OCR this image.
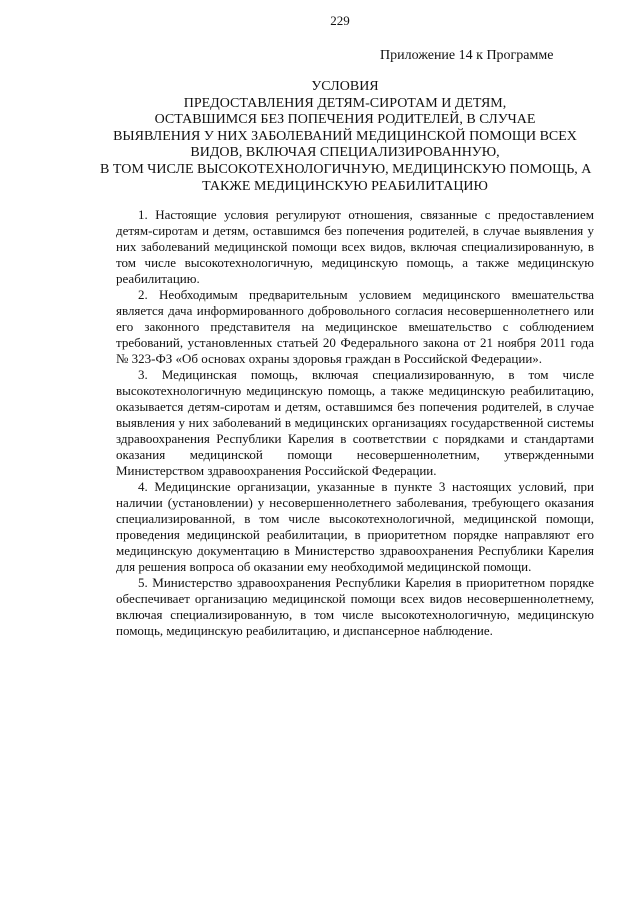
229
Приложение 14 к Программе
УСЛОВИЯ
ПРЕДОСТАВЛЕНИЯ ДЕТЯМ-СИРОТАМ И ДЕТЯМ,
ОСТАВШИМСЯ БЕЗ ПОПЕЧЕНИЯ РОДИТЕЛЕЙ, В СЛУЧАЕ
ВЫЯВЛЕНИЯ У НИХ ЗАБОЛЕВАНИЙ МЕДИЦИНСКОЙ ПОМОЩИ ВСЕХ
ВИДОВ, ВКЛЮЧАЯ СПЕЦИАЛИЗИРОВАННУЮ,
В ТОМ ЧИСЛЕ ВЫСОКОТЕХНОЛОГИЧНУЮ, МЕДИЦИНСКУЮ ПОМОЩЬ, А
ТАКЖЕ МЕДИЦИНСКУЮ РЕАБИЛИТАЦИЮ

1. Настоящие условия регулируют отношения, связанные с предоставлением детям-сиротам и детям, оставшимся без попечения родителей, в случае выявления у них заболеваний медицинской помощи всех видов, включая специализированную, в том числе высокотехнологичную, медицинскую помощь, а также медицинскую реабилитацию.

2. Необходимым предварительным условием медицинского вмешательства является дача информированного добровольного согласия несовершеннолетнего или его законного представителя на медицинское вмешательство с соблюдением требований, установленных статьей 20 Федерального закона от 21 ноября 2011 года № 323-ФЗ «Об основах охраны здоровья граждан в Российской Федерации».

3. Медицинская помощь, включая специализированную, в том числе высокотехнологичную медицинскую помощь, а также медицинскую реабилитацию, оказывается детям-сиротам и детям, оставшимся без попечения родителей, в случае выявления у них заболеваний в медицинских организациях государственной системы здравоохранения Республики Карелия в соответствии с порядками и стандартами оказания медицинской помощи несовершеннолетним, утвержденными Министерством здравоохранения Российской Федерации.

4. Медицинские организации, указанные в пункте 3 настоящих условий, при наличии (установлении) у несовершеннолетнего заболевания, требующего оказания специализированной, в том числе высокотехнологичной, медицинской помощи, проведения медицинской реабилитации, в приоритетном порядке направляют его медицинскую документацию в Министерство здравоохранения Республики Карелия для решения вопроса об оказании ему необходимой медицинской помощи.

5. Министерство здравоохранения Республики Карелия в приоритетном порядке обеспечивает организацию медицинской помощи всех видов несовершеннолетнему, включая специализированную, в том числе высокотехнологичную, медицинскую помощь, медицинскую реабилитацию, и диспансерное наблюдение.
